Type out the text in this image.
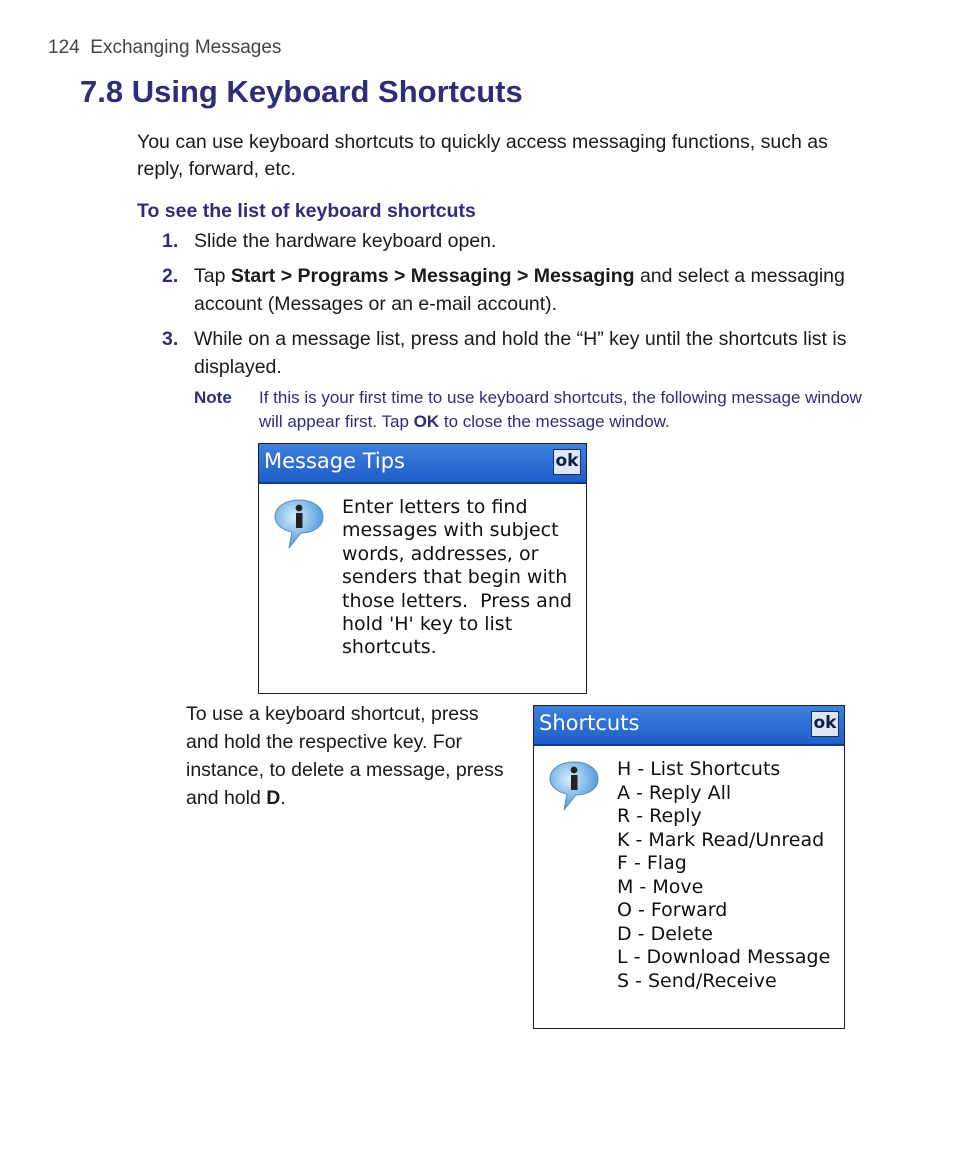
124 Exchanging Messages
7.8 Using Keyboard Shortcuts
You can use keyboard shortcuts to quickly access messaging functions, such as reply, forward, etc.
To see the list of keyboard shortcuts
1. Slide the hardware keyboard open.
2. Tap Start > Programs > Messaging > Messaging and select a messaging account (Messages or an e-mail account).
3. While on a message list, press and hold the “H” key until the shortcuts list is displayed.
Note If this is your first time to use keyboard shortcuts, the following message window will appear first. Tap OK to close the message window.
Message Tips	ok
Enter letters to find
messages with subject
words, addresses, or
senders that begin with
those letters.  Press and
hold 'H' key to list
shortcuts.
To use a keyboard shortcut, press and hold the respective key. For instance, to delete a message, press and hold D.
Shortcuts	ok
H - List Shortcuts
A - Reply All
R - Reply
K - Mark Read/Unread
F - Flag
M - Move
O - Forward
D - Delete
L - Download Message
S - Send/Receive
